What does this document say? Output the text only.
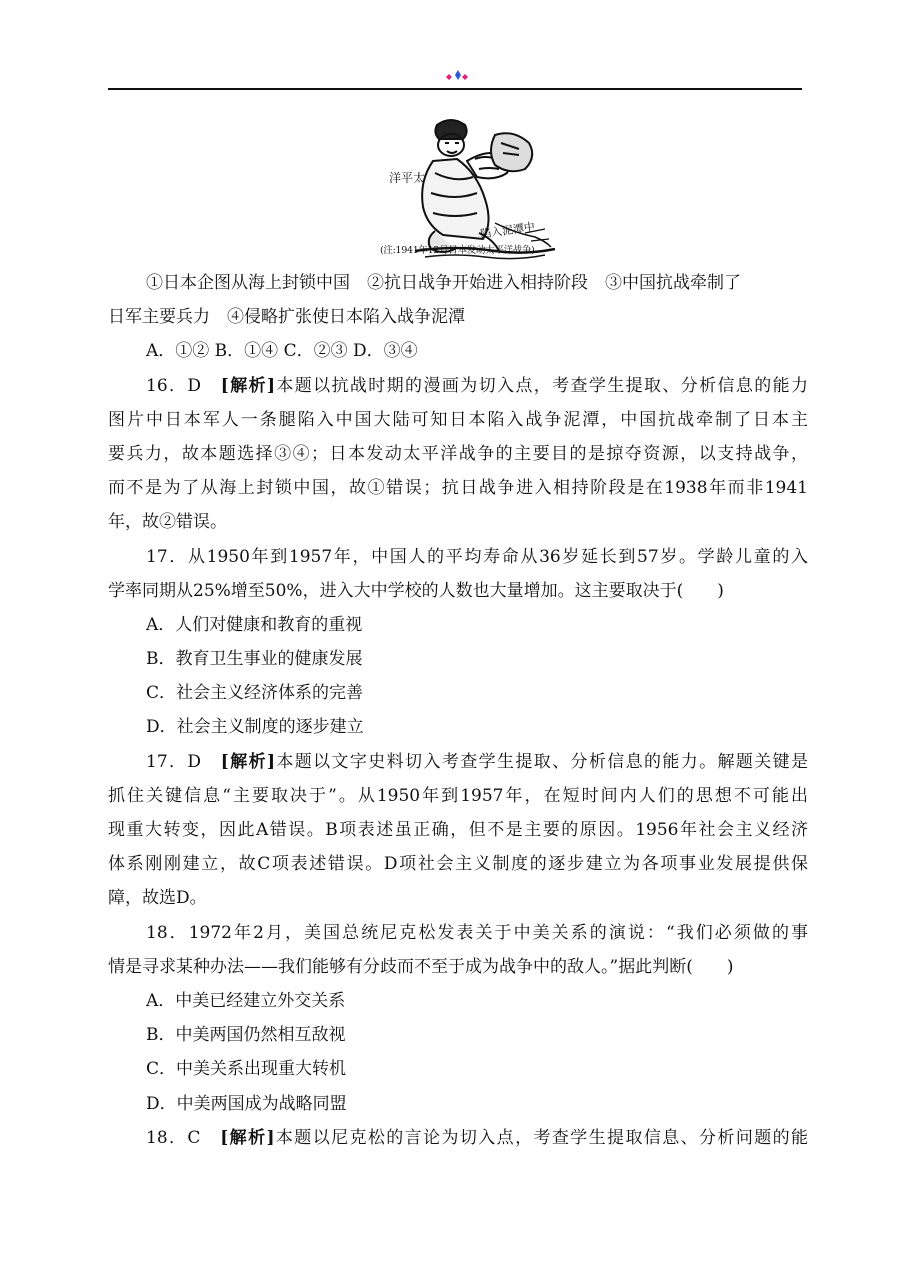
洋平太
陷入泥潭中
(注:1941年12月日本发动太平洋战争)
①日本企图从海上封锁中国　②抗日战争开始进入相持阶段　③中国抗战牵制了
日军主要兵力　④侵略扩张使日本陷入战争泥潭
A．①② B．①④ C．②③ D．③④
16．D　 [解析]本题以抗战时期的漫画为切入点，考查学生提取、分析信息的能力
图片中日本军人一条腿陷入中国大陆可知日本陷入战争泥潭，中国抗战牵制了日本主
要兵力，故本题选择③④；日本发动太平洋战争的主要目的是掠夺资源，以支持战争，
而不是为了从海上封锁中国，故①错误；抗日战争进入相持阶段是在1938年而非1941
年，故②错误。
17．从1950年到1957年，中国人的平均寿命从36岁延长到57岁。学龄儿童的入
学率同期从25%增至50%，进入大中学校的人数也大量增加。这主要取决于(　　)
A．人们对健康和教育的重视
B．教育卫生事业的健康发展
C．社会主义经济体系的完善
D．社会主义制度的逐步建立
17．D　 [解析]本题以文字史料切入考查学生提取、分析信息的能力。解题关键是
抓住关键信息“主要取决于”。从1950年到1957年，在短时间内人们的思想不可能出
现重大转变，因此A错误。B项表述虽正确，但不是主要的原因。1956年社会主义经济
体系刚刚建立，故C项表述错误。D项社会主义制度的逐步建立为各项事业发展提供保
障，故选D。
18．1972年2月，美国总统尼克松发表关于中美关系的演说：“我们必须做的事
情是寻求某种办法——我们能够有分歧而不至于成为战争中的敌人。”据此判断(　　)
A．中美已经建立外交关系
B．中美两国仍然相互敌视
C．中美关系出现重大转机
D．中美两国成为战略同盟
18．C　 [解析]本题以尼克松的言论为切入点，考查学生提取信息、分析问题的能
